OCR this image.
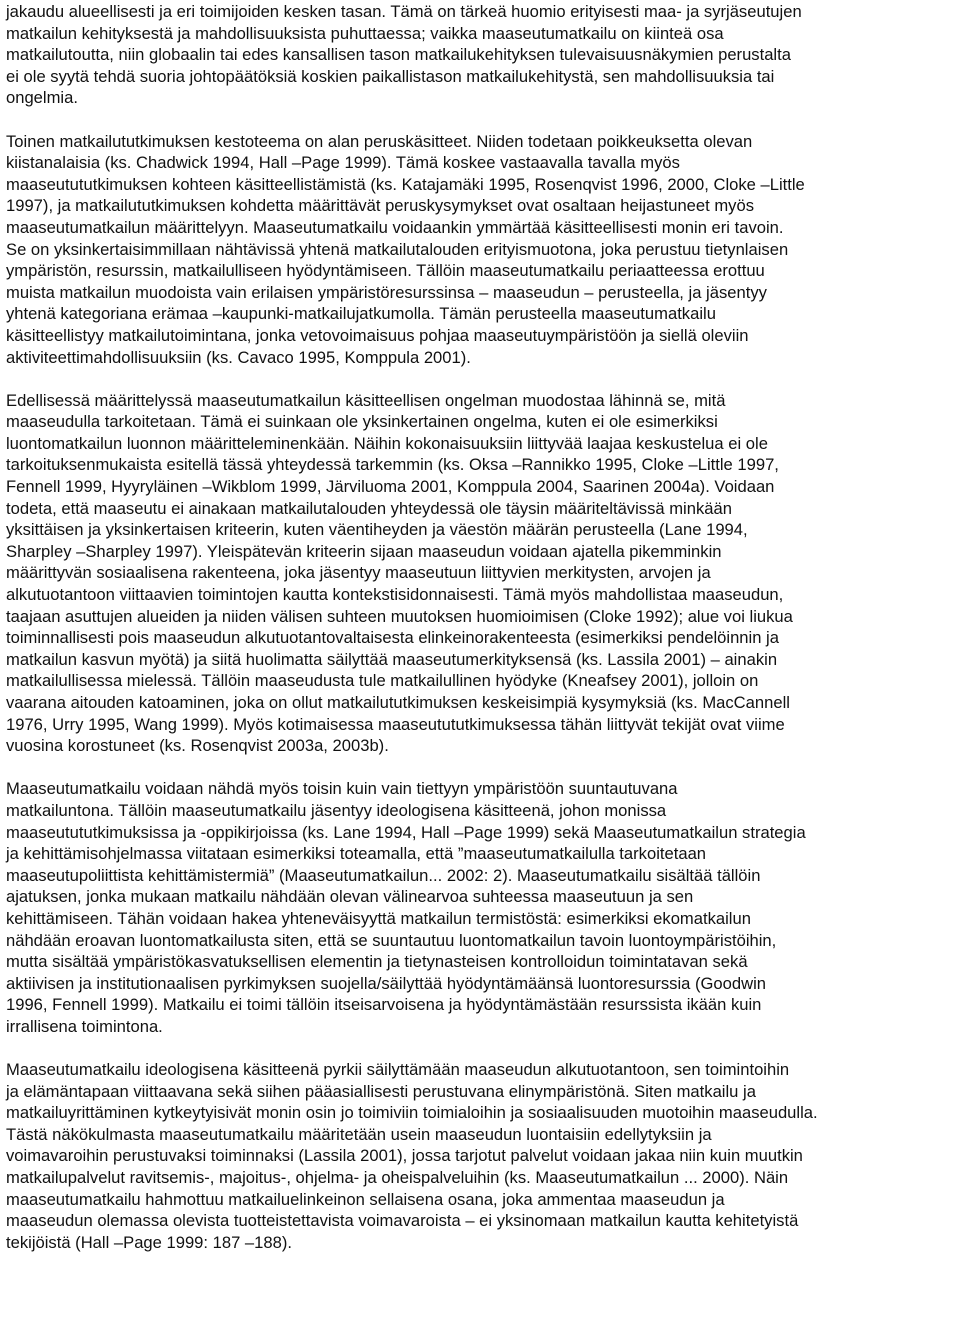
jakaudu alueellisesti ja eri toimijoiden kesken tasan. Tämä on tärkeä huomio erityisesti maa- ja syrjäseutujen
matkailun kehityksestä ja mahdollisuuksista puhuttaessa; vaikka maaseutumatkailu on kiinteä osa
matkailutoutta, niin globaalin tai edes kansallisen tason matkailukehityksen tulevaisuusnäkymien perustalta
ei ole syytä tehdä suoria johtopäätöksiä koskien paikallistason matkailukehitystä, sen mahdollisuuksia tai
ongelmia.

Toinen matkailututkimuksen kestoteema on alan peruskäsitteet. Niiden todetaan poikkeuksetta olevan
kiistanalaisia (ks. Chadwick 1994, Hall –Page 1999). Tämä koskee vastaavalla tavalla myös
maaseutututkimuksen kohteen käsitteellistämistä (ks. Katajamäki 1995, Rosenqvist 1996, 2000, Cloke –Little
1997), ja matkailututkimuksen kohdetta määrittävät peruskysymykset ovat osaltaan heijastuneet myös
maaseutumatkailun määrittelyyn. Maaseutumatkailu voidaankin ymmärtää käsitteellisesti monin eri tavoin.
Se on yksinkertaisimmillaan nähtävissä yhtenä matkailutalouden erityismuotona, joka perustuu tietynlaisen
ympäristön, resurssin, matkailulliseen hyödyntämiseen. Tällöin maaseutumatkailu periaatteessa erottuu
muista matkailun muodoista vain erilaisen ympäristöresurssinsa – maaseudun – perusteella, ja jäsentyy
yhtenä kategoriana erämaa –kaupunki-matkailujatkumolla. Tämän perusteella maaseutumatkailu
käsitteellistyy matkailutoimintana, jonka vetovoimaisuus pohjaa maaseutuympäristöön ja siellä oleviin
aktiviteettimahdollisuuksiin (ks. Cavaco 1995, Komppula 2001).

Edellisessä määrittelyssä maaseutumatkailun käsitteellisen ongelman muodostaa lähinnä se, mitä
maaseudulla tarkoitetaan. Tämä ei suinkaan ole yksinkertainen ongelma, kuten ei ole esimerkiksi
luontomatkailun luonnon määritteleminenkään. Näihin kokonaisuuksiin liittyvää laajaa keskustelua ei ole
tarkoituksenmukaista esitellä tässä yhteydessä tarkemmin (ks. Oksa –Rannikko 1995, Cloke –Little 1997,
Fennell 1999, Hyyryläinen –Wikblom 1999, Järviluoma 2001, Komppula 2004, Saarinen 2004a). Voidaan
todeta, että maaseutu ei ainakaan matkailutalouden yhteydessä ole täysin määriteltävissä minkään
yksittäisen ja yksinkertaisen kriteerin, kuten väentiheyden ja väestön määrän perusteella (Lane 1994,
Sharpley –Sharpley 1997). Yleispätevän kriteerin sijaan maaseudun voidaan ajatella pikemminkin
määrittyvän sosiaalisena rakenteena, joka jäsentyy maaseutuun liittyvien merkitysten, arvojen ja
alkutuotantoon viittaavien toimintojen kautta kontekstisidonnaisesti. Tämä myös mahdollistaa maaseudun,
taajaan asuttujen alueiden ja niiden välisen suhteen muutoksen huomioimisen (Cloke 1992); alue voi liukua
toiminnallisesti pois maaseudun alkutuotantovaltaisesta elinkeinorakenteesta (esimerkiksi pendelöinnin ja
matkailun kasvun myötä) ja siitä huolimatta säilyttää maaseutumerkityksensä (ks. Lassila 2001) – ainakin
matkailullisessa mielessä. Tällöin maaseudusta tule matkailullinen hyödyke (Kneafsey 2001), jolloin on
vaarana aitouden katoaminen, joka on ollut matkailututkimuksen keskeisimpiä kysymyksiä (ks. MacCannell
1976, Urry 1995, Wang 1999). Myös kotimaisessa maaseutututkimuksessa tähän liittyvät tekijät ovat viime
vuosina korostuneet (ks. Rosenqvist 2003a, 2003b).

Maaseutumatkailu voidaan nähdä myös toisin kuin vain tiettyyn ympäristöön suuntautuvana
matkailuntona. Tällöin maaseutumatkailu jäsentyy ideologisena käsitteenä, johon monissa
maaseutututkimuksissa ja -oppikirjoissa (ks. Lane 1994, Hall –Page 1999) sekä Maaseutumatkailun strategia
ja kehittämisohjelmassa viitataan esimerkiksi toteamalla, että ”maaseutumatkailulla tarkoitetaan
maaseutupoliittista kehittämistermiä” (Maaseutumatkailun... 2002: 2). Maaseutumatkailu sisältää tällöin
ajatuksen, jonka mukaan matkailu nähdään olevan välinearvoa suhteessa maaseutuun ja sen
kehittämiseen. Tähän voidaan hakea yhteneväisyyttä matkailun termistöstä: esimerkiksi ekomatkailun
nähdään eroavan luontomatkailusta siten, että se suuntautuu luontomatkailun tavoin luontoympäristöihin,
mutta sisältää ympäristökasvatuksellisen elementin ja tietynasteisen kontrolloidun toimintatavan sekä
aktiivisen ja institutionaalisen pyrkimyksen suojella/säilyttää hyödyntämäänsä luontoresurssia (Goodwin
1996, Fennell 1999). Matkailu ei toimi tällöin itseisarvoisena ja hyödyntämästään resurssista ikään kuin
irrallisena toimintona.

Maaseutumatkailu ideologisena käsitteenä pyrkii säilyttämään maaseudun alkutuotantoon, sen toimintoihin
ja elämäntapaan viittaavana sekä siihen pääasiallisesti perustuvana elinympäristönä. Siten matkailu ja
matkailuyrittäminen kytkeytyisivät monin osin jo toimiviin toimialoihin ja sosiaalisuuden muotoihin maaseudulla.
Tästä näkökulmasta maaseutumatkailu määritetään usein maaseudun luontaisiin edellytyksiin ja
voimavaroihin perustuvaksi toiminnaksi (Lassila 2001), jossa tarjotut palvelut voidaan jakaa niin kuin muutkin
matkailupalvelut ravitsemis-, majoitus-, ohjelma- ja oheispalveluihin (ks. Maaseutumatkailun ... 2000). Näin
maaseutumatkailu hahmottuu matkailuelinkeinon sellaisena osana, joka ammentaa maaseudun ja
maaseudun olemassa olevista tuotteistettavista voimavaroista – ei yksinomaan matkailun kautta kehitetyistä
tekijöistä (Hall –Page 1999: 187 –188).
